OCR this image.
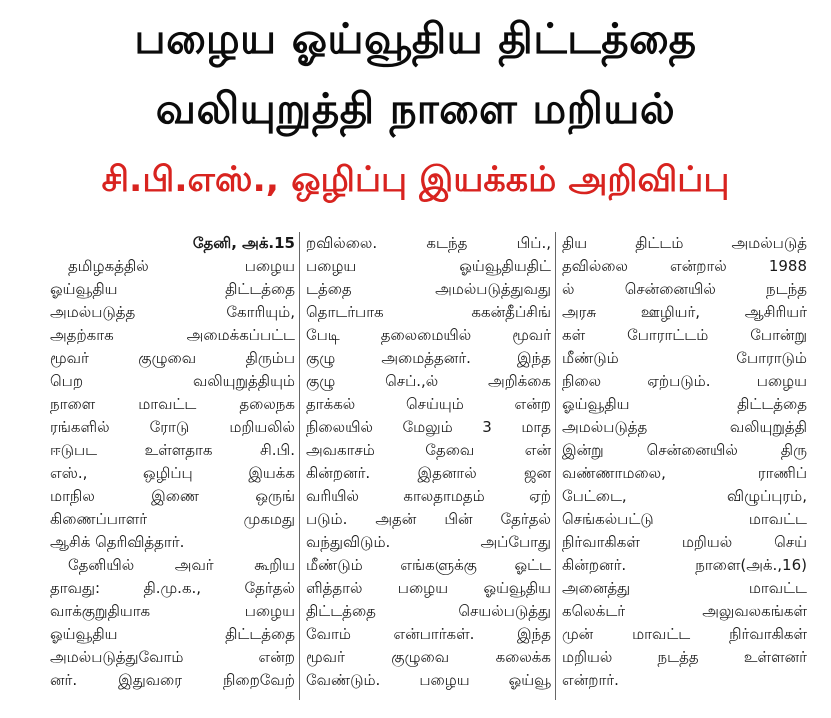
பழைய ஓய்வூதிய திட்டத்தை
வலியுறுத்தி நாளை மறியல்
சி.பி.எஸ்., ஒழிப்பு இயக்கம் அறிவிப்பு
தேனி, அக்.15
தமிழகத்தில் பழைய
ஓய்வூதிய திட்டத்தை
அமல்படுத்த கோரியும்,
அதற்காக அமைக்கப்பட்ட
மூவர் குழுவை திரும்ப
பெற வலியுறுத்தியும்
நாளை மாவட்ட தலைநக
ரங்களில் ரோடு மறியலில்
ஈடுபட உள்ளதாக சி.பி.
எஸ்., ஒழிப்பு இயக்க
மாநில இணை ஒருங்
கிணைப்பாளர் முகமது
ஆசிக் தெரிவித்தார்.
தேனியில் அவர் கூறிய
தாவது: தி.மு.க., தேர்தல்
வாக்குறுதியாக பழைய
ஓய்வூதிய திட்டத்தை
அமல்படுத்துவோம் என்ற
னர். இதுவரை நிறைவேற்
றவில்லை. கடந்த பிப்.,
பழைய ஓய்வூதியதிட்
டத்தை அமல்படுத்துவது
தொடர்பாக ககன்தீப்சிங்
பேடி தலைமையில் மூவர்
குழு அமைத்தனர். இந்த
குழு செப்.,ல் அறிக்கை
தாக்கல் செய்யும் என்ற
நிலையில் மேலும் 3 மாத
அவகாசம் தேவை என்
கின்றனர். இதனால் ஜன
வரியில் காலதாமதம் ஏற்
படும். அதன் பின் தேர்தல்
வந்துவிடும். அப்போது
மீண்டும் எங்களுக்கு ஓட்ட
ளித்தால் பழைய ஓய்வூதிய
திட்டத்தை செயல்படுத்து
வோம் என்பார்கள். இந்த
மூவர் குழுவை கலைக்க
வேண்டும். பழைய ஓய்வூ
திய திட்டம் அமல்படுத்
தவில்லை என்றால் 1988
ல் சென்னையில் நடந்த
அரசு ஊழியர், ஆசிரியர்
கள் போராட்டம் போன்று
மீண்டும் போராடும்
நிலை ஏற்படும். பழைய
ஓய்வூதிய திட்டத்தை
அமல்படுத்த வலியுறுத்தி
இன்று சென்னையில் திரு
வண்ணாமலை, ராணிப்
பேட்டை, விழுப்புரம்,
செங்கல்பட்டு மாவட்ட
நிர்வாகிகள் மறியல் செய்
கின்றனர். நாளை(அக்.,16)
அனைத்து மாவட்ட
கலெக்டர் அலுவலகங்கள்
முன் மாவட்ட நிர்வாகிகள்
மறியல் நடத்த உள்ளனர்
என்றார்.
